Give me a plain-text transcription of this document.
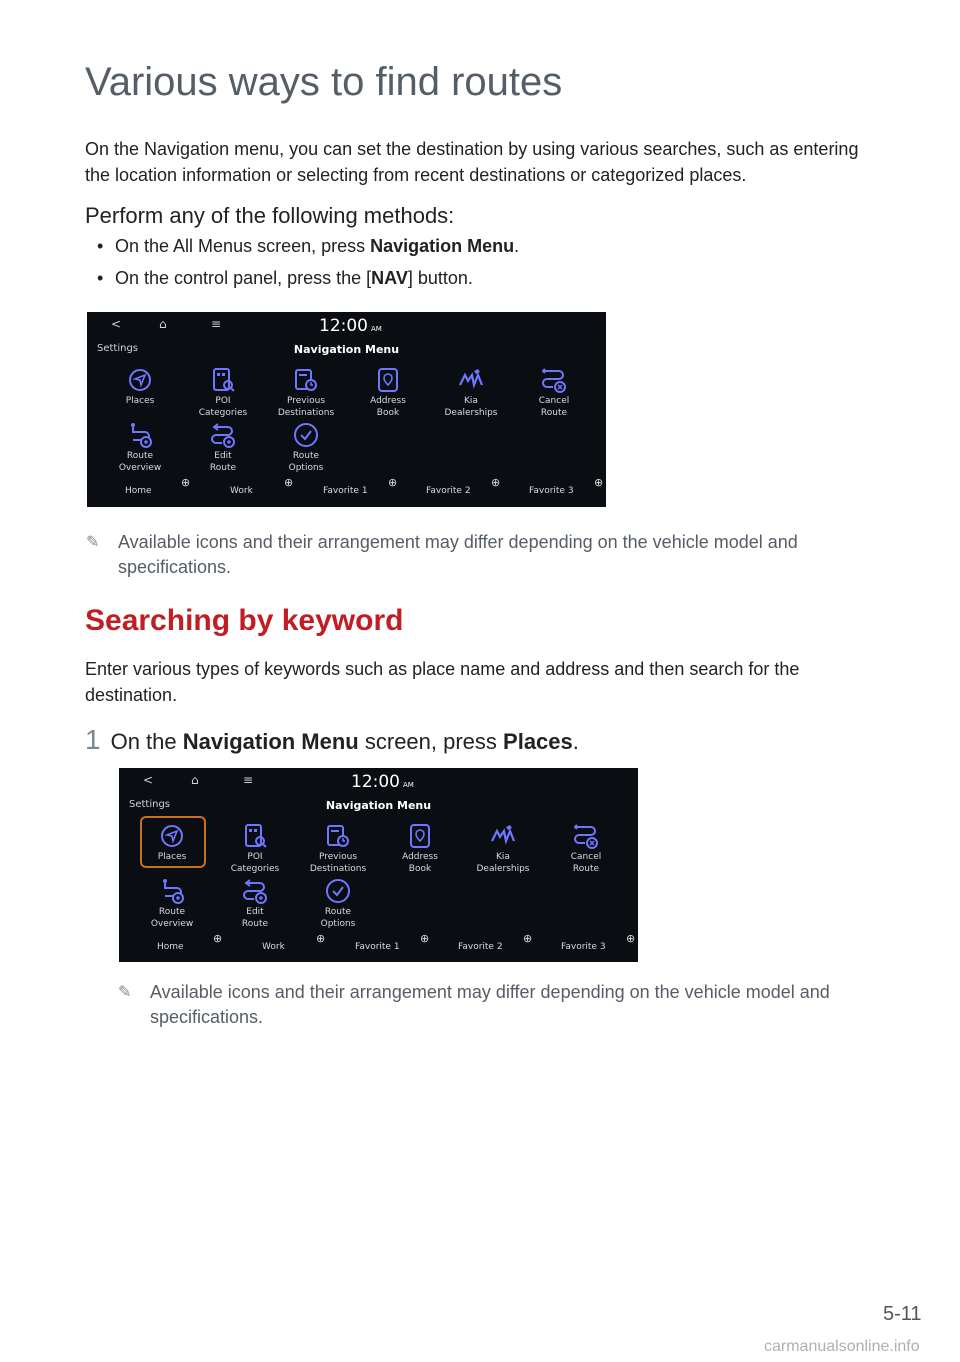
Various ways to find routes
On the Navigation menu, you can set the destination by using various searches, such as entering the location information or selecting from recent destinations or categorized places.
Perform any of the following methods:
• On the All Menus screen, press Navigation Menu.
• On the control panel, press the [NAV] button.
<	⌂	≡	12:00 AM
Settings	Navigation Menu
Places	POI
Categories
Previous
Destinations
Address
Book
Kia
Dealerships
Cancel
Route
Route
Overview
Edit
Route
Route
Options
Home
⊕
Work
⊕
Favorite 1
⊕
Favorite 2
⊕
Favorite 3
⊕
✎ Available icons and their arrangement may differ depending on the vehicle model and specifications.
Searching by keyword
Enter various types of keywords such as place name and address and then search for the destination.
1 On the Navigation Menu screen, press Places.
<	⌂	≡	12:00 AM
Settings	Navigation Menu
Places	POI
Categories
Previous
Destinations
Address
Book
Kia
Dealerships
Cancel
Route
Route
Overview
Edit
Route
Route
Options
Home
⊕
Work
⊕
Favorite 1
⊕
Favorite 2
⊕
Favorite 3
⊕
✎ Available icons and their arrangement may differ depending on the vehicle model and specifications.
5-11
carmanualsonline.info
